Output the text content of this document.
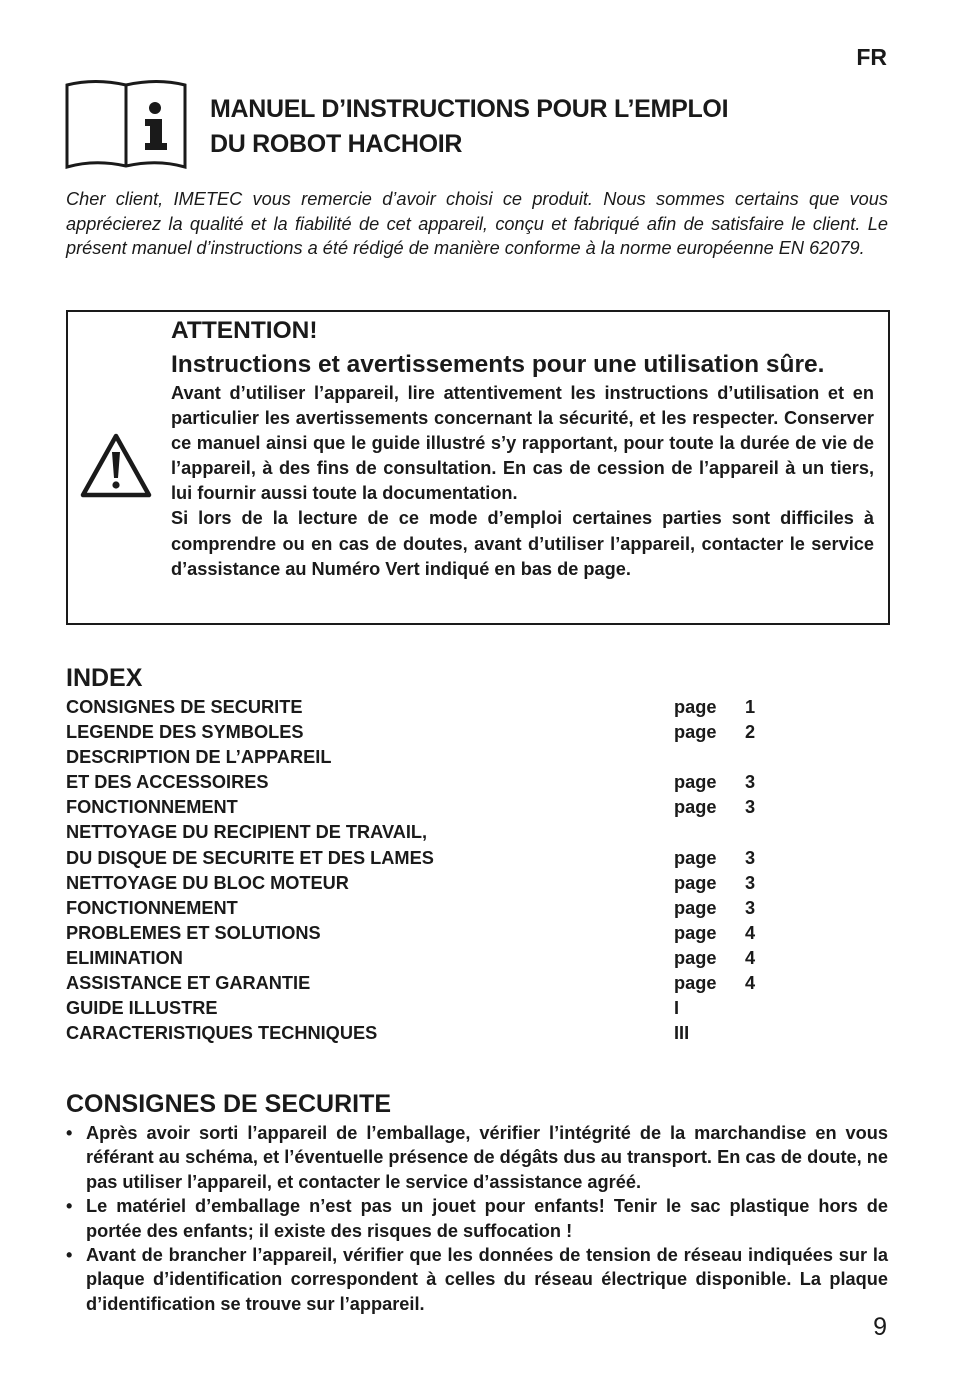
FR
MANUEL D’INSTRUCTIONS POUR L’EMPLOI
DU ROBOT HACHOIR
Cher client, IMETEC vous remercie d’avoir choisi ce produit. Nous sommes certains que vous apprécierez la qualité et la fiabilité de cet appareil, conçu et fabriqué afin de satisfaire le client. Le présent manuel d’instructions a été rédigé de manière conforme à la norme européenne EN 62079.

ATTENTION!

Instructions et avertissements pour une utilisation sûre.

Avant d’utiliser l’appareil, lire attentivement les instructions d’utilisation et en particulier les avertissements concernant la sécurité, et les respecter. Conserver ce manuel ainsi que le guide illustré s’y rapportant, pour toute la durée de vie de l’appareil, à des fins de consultation. En cas de cession de l’appareil à un tiers, lui fournir aussi toute la documentation.

Si lors de la lecture de ce mode d’emploi certaines parties sont difficiles à comprendre ou en cas de doutes, avant d’utiliser l’appareil, contacter le service d’assistance au Numéro Vert indiqué en bas de page.

INDEX
CONSIGNES DE SECURITE	page 1
LEGENDE DES SYMBOLES	page 2
DESCRIPTION DE L’APPAREIL
ET DES ACCESSOIRES	page 3
FONCTIONNEMENT	page 3
NETTOYAGE DU RECIPIENT DE TRAVAIL,
DU DISQUE DE SECURITE ET DES LAMES	page 3
NETTOYAGE DU BLOC MOTEUR	page 3
FONCTIONNEMENT	page 3
PROBLEMES ET SOLUTIONS	page 4
ELIMINATION	page 4
ASSISTANCE ET GARANTIE	page 4
GUIDE ILLUSTRE	I
CARACTERISTIQUES TECHNIQUES	III
CONSIGNES DE SECURITE
• Après avoir sorti l’appareil de l’emballage, vérifier l’intégrité de la marchandise en vous référant au schéma, et l’éventuelle présence de dégâts dus au transport. En cas de doute, ne pas utiliser l’appareil, et contacter le service d’assistance agréé.
• Le matériel d’emballage n’est pas un jouet pour enfants! Tenir le sac plastique hors de portée des enfants; il existe des risques de suffocation !
• Avant de brancher l’appareil, vérifier que les données de tension de réseau indiquées sur la plaque d’identification correspondent à celles du réseau électrique disponible. La plaque d’identification se trouve sur l’appareil.
9
